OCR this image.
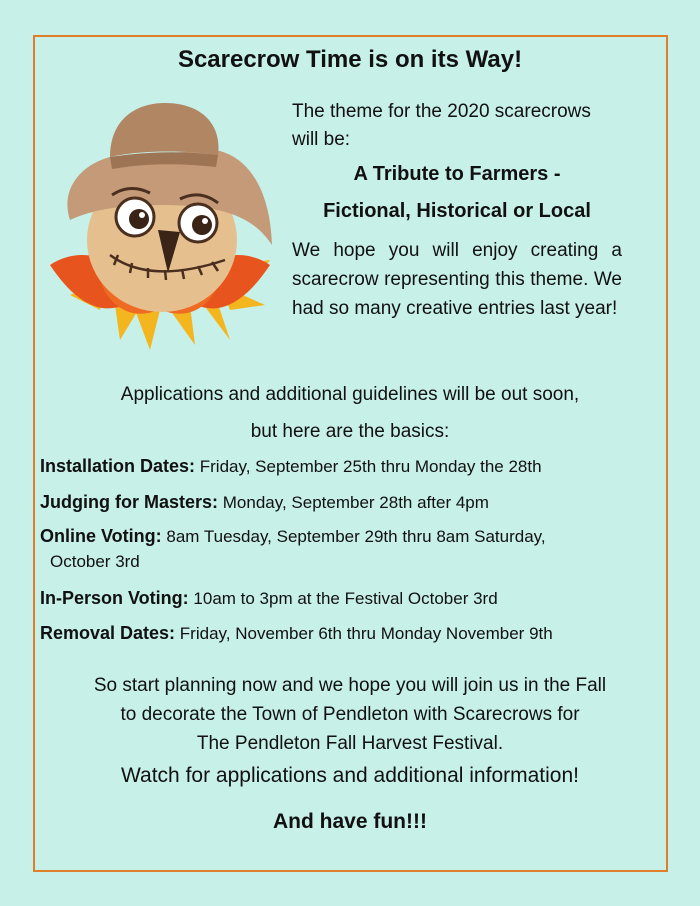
Scarecrow Time is on its Way!
The theme for the 2020 scarecrows will be:
A Tribute to Farmers -
Fictional, Historical or Local
We hope you will enjoy creating a scarecrow representing this theme. We had so many creative entries last year!
Applications and additional guidelines will be out soon,
but here are the basics:
Installation Dates: Friday, September 25th thru Monday the 28th
Judging for Masters: Monday, September 28th after 4pm
Online Voting: 8am Tuesday, September 29th thru 8am Saturday,
October 3rd
In-Person Voting: 10am to 3pm at the Festival October 3rd
Removal Dates: Friday, November 6th thru Monday November 9th
So start planning now and we hope you will join us in the Fall
to decorate the Town of Pendleton with Scarecrows for
The Pendleton Fall Harvest Festival.
Watch for applications and additional information!
And have fun!!!
